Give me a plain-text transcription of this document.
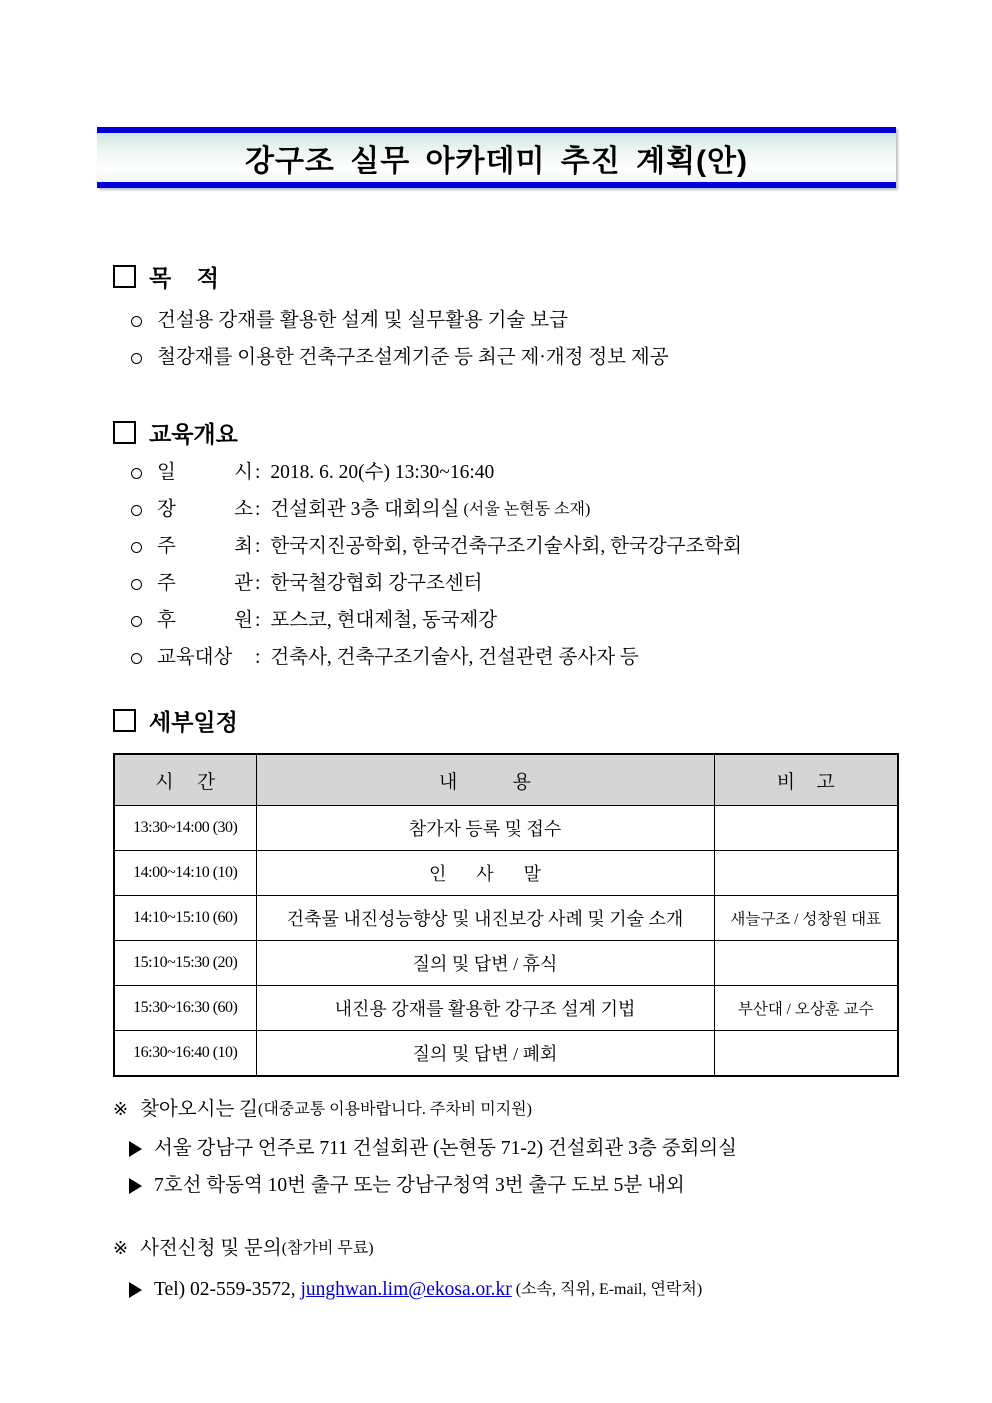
강구조 실무 아카데미 추진 계획(안)
목 적
건설용 강재를 활용한 설계 및 실무활용 기술 보급
철강재를 이용한 건축구조설계기준 등 최근 제·개정 정보 제공
교육개요
일 시 : 2018. 6. 20(수) 13:30~16:40
장 소 : 건설회관 3층 대회의실
(서울 논현동 소재)
주 최 : 한국지진공학회, 한국건축구조기술사회, 한국강구조학회
주 관 : 한국철강협회 강구조센터
후 원 : 포스코, 현대제철, 동국제강
교육대상	: 건축사, 건축구조기술사, 건설관련 종사자 등
세부일정
시 간	내 용	비 고
13:30~14:00 (30)	참가자 등록 및 접수	
14:00~14:10 (10)	인 사 말	
14:10~15:10 (60)	건축물 내진성능향상 및 내진보강 사례 및 기술 소개	새늘구조 / 성창원 대표
15:10~15:30 (20)	질의 및 답변 / 휴식	
15:30~16:30 (60)	내진용 강재를 활용한 강구조 설계 기법	부산대 / 오상훈 교수
16:30~16:40 (10)	질의 및 답변 / 폐회	
※ 찾아오시는 길 (대중교통 이용바랍니다. 주차비 미지원)
서울 강남구 언주로 711 건설회관 (논현동 71-2) 건설회관 3층 중회의실
7호선 학동역 10번 출구 또는 강남구청역 3번 출구 도보 5분 내외
※ 사전신청 및 문의 (참가비 무료)
Tel) 02-559-3572, junghwan.lim@ekosa.or.kr (소속, 직위, E-mail, 연락처)
